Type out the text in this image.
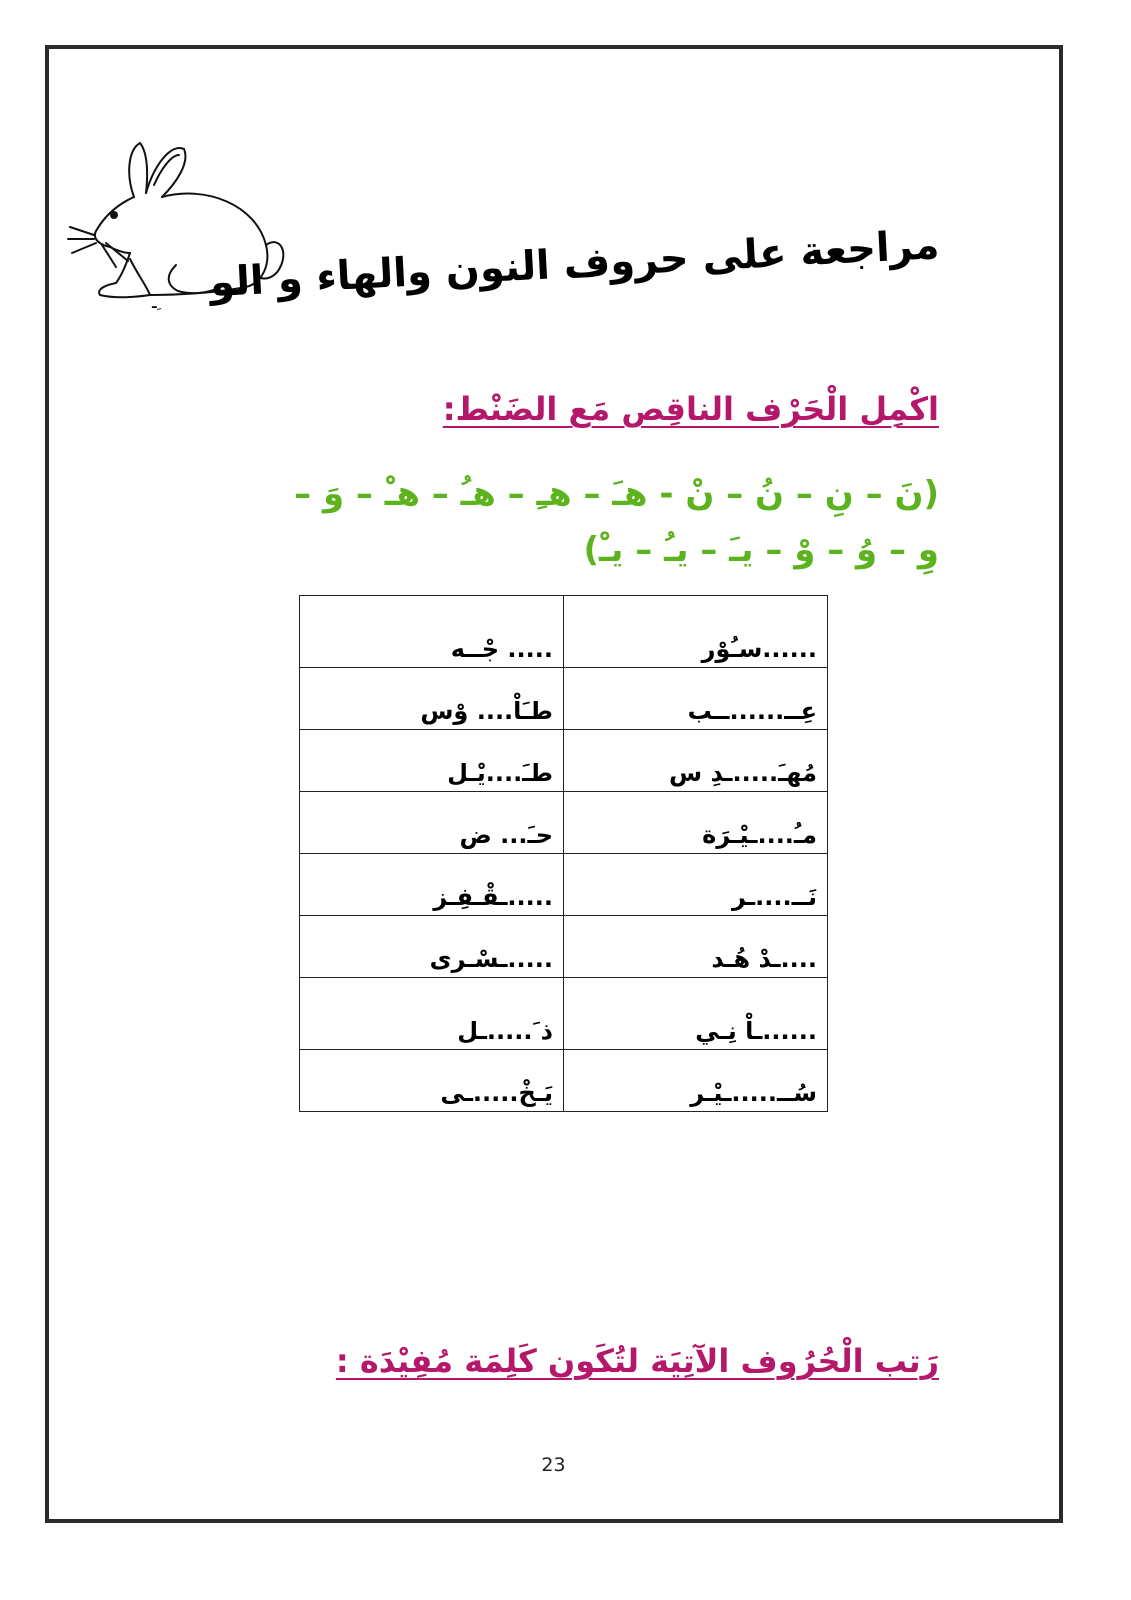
مراجعة على حروف النون والهاء و الو
ـ ِ
اكْمِل الْحَرْف الناقِص مَع الضَنْط:
(نَ – نِ – نُ – نْ - هـَ – هـِ – هـُ – هـْ – وَ –
وِ – وُ – وْ – يـَ – يـُ – يـْ)
......سـُوْر	..... جْــه
عِــ......ــب	طـَاْ.... وْس
مُهـَ.....ـدِ س	طـَ....يْـل
مـُ....ـيْـرَة	حـَ... ض
نَــ....ـر	.....ـقْـفِـز
....ـدْ هُـد	.....ـسْـرى
......ـاْ نِـي	ذ َ.....ـل
سُــ.....ـيْـر	يَـخْ.....ـى
رَتب الْحُرُوف الآتِيَة لتُكَون كَلِمَة مُفِيْدَة :
23
